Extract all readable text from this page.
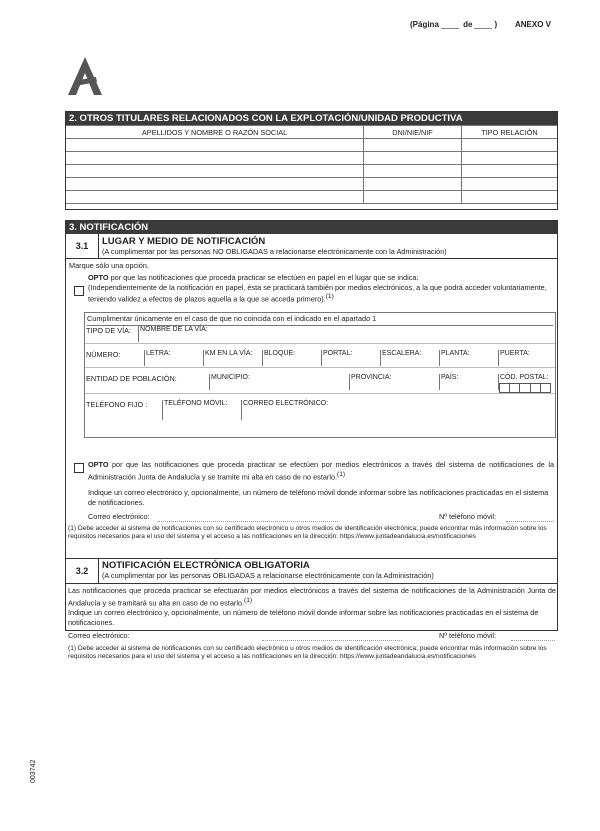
(Página	de	) ANEXO V
2. OTROS TITULARES RELACIONADOS CON LA EXPLOTACIÓN/UNIDAD PRODUCTIVA
APELLIDOS Y NOMBRE O RAZÓN SOCIAL	DNI/NIE/NIF	TIPO RELACIÓN

3. NOTIFICACIÓN
3.1	LUGAR Y MEDIO DE NOTIFICACIÓN
(A cumplimentar por las personas NO OBLIGADAS a relacionarse electrónicamente con la Administración)
Marque sólo una opción.
OPTO por que las notificaciones que proceda practicar se efectúen en papel en el lugar que se indica:
(Independientemente de la notificación en papel, ésta se practicará también por medios electrónicos, a la que podrá acceder voluntariamente, teniendo validez a efectos de plazos aquella a la que se acceda primero).$^{(1)}$
Cumplimentar únicamente en el caso de que no coincida con el indicado en el apartado 1
TIPO DE VÍA: NOMBRE DE LA VÍA:
NÚMERO:	LETRA:	KM EN LA VÍA: BLOQUE:	PORTAL:	ESCALERA:	PLANTA:	PUERTA:
ENTIDAD DE POBLACIÓN:	MUNICIPIO:	PROVINCIA:	PAÍS:	CÓD. POSTAL:
TELÉFONO FIJO : TELÉFONO MÓVIL: CORREO ELECTRÓNICO:
OPTO por que las notificaciones que proceda practicar se efectúen por medios electrónicos a través del sistema de notificaciones de la Administración Junta de Andalucía y se tramite mi alta en caso de no estarlo.$^{(1)}$
Indique un correo electrónico y, opcionalmente, un número de teléfono móvil donde informar sobre las notificaciones practicadas en el sistema de notificaciones.
Correo electrónico:	Nº teléfono móvil:
(1) Debe acceder al sistema de notificaciones con su certificado electrónico u otros medios de identificación electrónica; puede encontrar más información sobre los requisitos necesarios para el uso del sistema y el acceso a las notificaciones en la dirección: https://www.juntadeandalucia.es/notificaciones
3.2	NOTIFICACIÓN ELECTRÓNICA OBLIGATORIA
(A cumplimentar por las personas OBLIGADAS a relacionarse electrónicamente con la Administración)
Las notificaciones que proceda practicar se efectuarán por medios electrónicos a través del sistema de notificaciones de la Administración Junta de Andalucía y se tramitará su alta en caso de no estarlo.$^{(1)}$
Indique un correo electrónico y, opcionalmente, un número de teléfono móvil donde informar sobre las notificaciones practicadas en el sistema de notificaciones.
Correo electrónico:	Nº teléfono móvil:
(1) Debe acceder al sistema de notificaciones con su certificado electrónico u otros medios de identificación electrónica; puede encontrar más información sobre los requisitos necesarios para el uso del sistema y el acceso a las notificaciones en la dirección: https://www.juntadeandalucia.es/notificaciones
003742
